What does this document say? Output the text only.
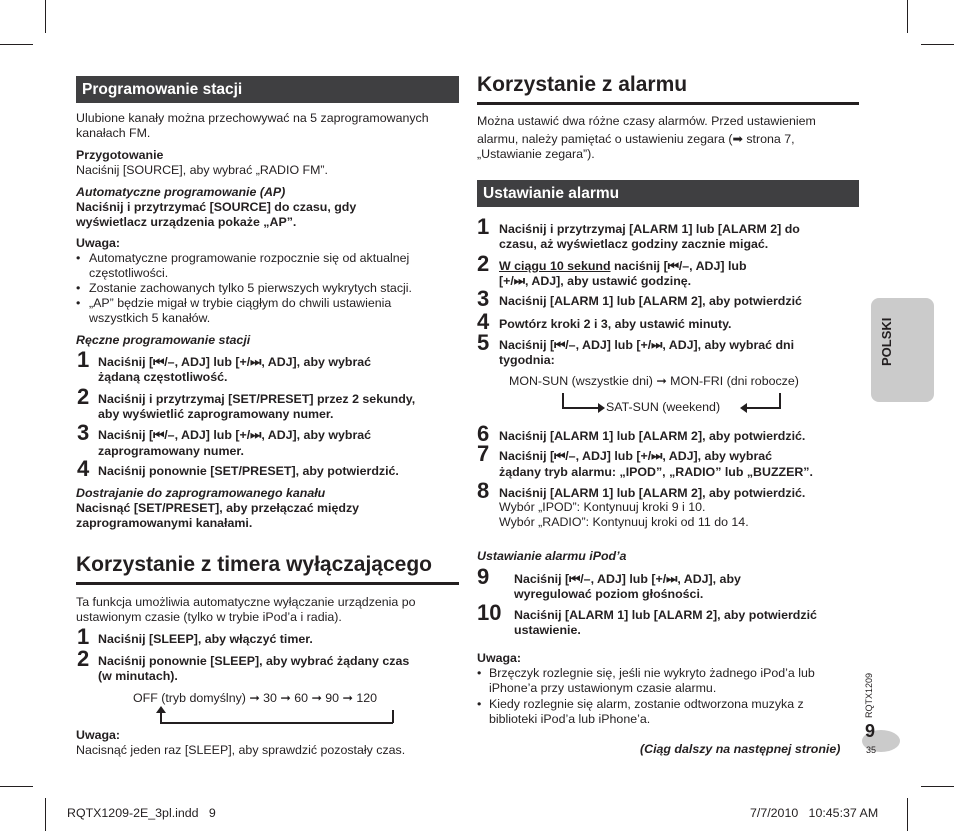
Programowanie stacji
Ulubione kanały można przechowywać na 5 zaprogramowanych
kanałach FM.
Przygotowanie
Naciśnij [SOURCE], aby wybrać „RADIO FM”.
Automatyczne programowanie (AP)
Naciśnij i przytrzymać [SOURCE] do czasu, gdy
wyświetlacz urządzenia pokaże „AP”.
Uwaga:
• Automatyczne programowanie rozpocznie się od aktualnej
częstotliwości.
• Zostanie zachowanych tylko 5 pierwszych wykrytych stacji.
• „AP” będzie migał w trybie ciągłym do chwili ustawienia
wszystkich 5 kanałów.
Ręczne programowanie stacji
1 Naciśnij [⏮/–, ADJ] lub [+/⏭, ADJ], aby wybrać
żądaną częstotliwość.
2 Naciśnij i przytrzymaj [SET/PRESET] przez 2 sekundy,
aby wyświetlić zaprogramowany numer.
3 Naciśnij [⏮/–, ADJ] lub [+/⏭, ADJ], aby wybrać
zaprogramowany numer.
4 Naciśnij ponownie [SET/PRESET], aby potwierdzić.
Dostrajanie do zaprogramowanego kanału
Nacisnąć [SET/PRESET], aby przełączać między
zaprogramowanymi kanałami.
Korzystanie z timera wyłączającego
Ta funkcja umożliwia automatyczne wyłączanie urządzenia po
ustawionym czasie (tylko w trybie iPod’a i radia).
1 Naciśnij [SLEEP], aby włączyć timer.
2 Naciśnij ponownie [SLEEP], aby wybrać żądany czas
(w minutach).
OFF (tryb domyślny) ➞ 30 ➞ 60 ➞ 90 ➞ 120
Uwaga:
Nacisnąć jeden raz [SLEEP], aby sprawdzić pozostały czas.
Korzystanie z alarmu
Można ustawić dwa różne czasy alarmów. Przed ustawieniem
alarmu, należy pamiętać o ustawieniu zegara (➡ strona 7,
„Ustawianie zegara”).
Ustawianie alarmu
1 Naciśnij i przytrzymaj [ALARM 1] lub [ALARM 2] do
czasu, aż wyświetlacz godziny zacznie migać.
2 W ciągu 10 sekund naciśnij [⏮/–, ADJ] lub
[+/⏭, ADJ], aby ustawić godzinę.
3 Naciśnij [ALARM 1] lub [ALARM 2], aby potwierdzić
4 Powtórz kroki 2 i 3, aby ustawić minuty.
5 Naciśnij [⏮/–, ADJ] lub [+/⏭, ADJ], aby wybrać dni
tygodnia:
MON-SUN (wszystkie dni) ➞ MON-FRI (dni robocze)
SAT-SUN (weekend)
6 Naciśnij [ALARM 1] lub [ALARM 2], aby potwierdzić.
7 Naciśnij [⏮/–, ADJ] lub [+/⏭, ADJ], aby wybrać
żądany tryb alarmu: „IPOD”, „RADIO” lub „BUZZER”.
8 Naciśnij [ALARM 1] lub [ALARM 2], aby potwierdzić.
Wybór „IPOD”: Kontynuuj kroki 9 i 10.
Wybór „RADIO”: Kontynuuj kroki od 11 do 14.
Ustawianie alarmu iPod’a
9 Naciśnij [⏮/–, ADJ] lub [+/⏭, ADJ], aby
wyregulować poziom głośności.
10 Naciśnij [ALARM 1] lub [ALARM 2], aby potwierdzić
ustawienie.
Uwaga:
• Brzęczyk rozlegnie się, jeśli nie wykryto żadnego iPod’a lub
iPhone’a przy ustawionym czasie alarmu.
• Kiedy rozlegnie się alarm, zostanie odtworzona muzyka z
biblioteki iPod’a lub iPhone’a.
(Ciąg dalszy na następnej stronie)
POLSKI
RQTX1209
9
35
RQTX1209-2E_3pl.indd   9	7/7/2010   10:45:37 AM
